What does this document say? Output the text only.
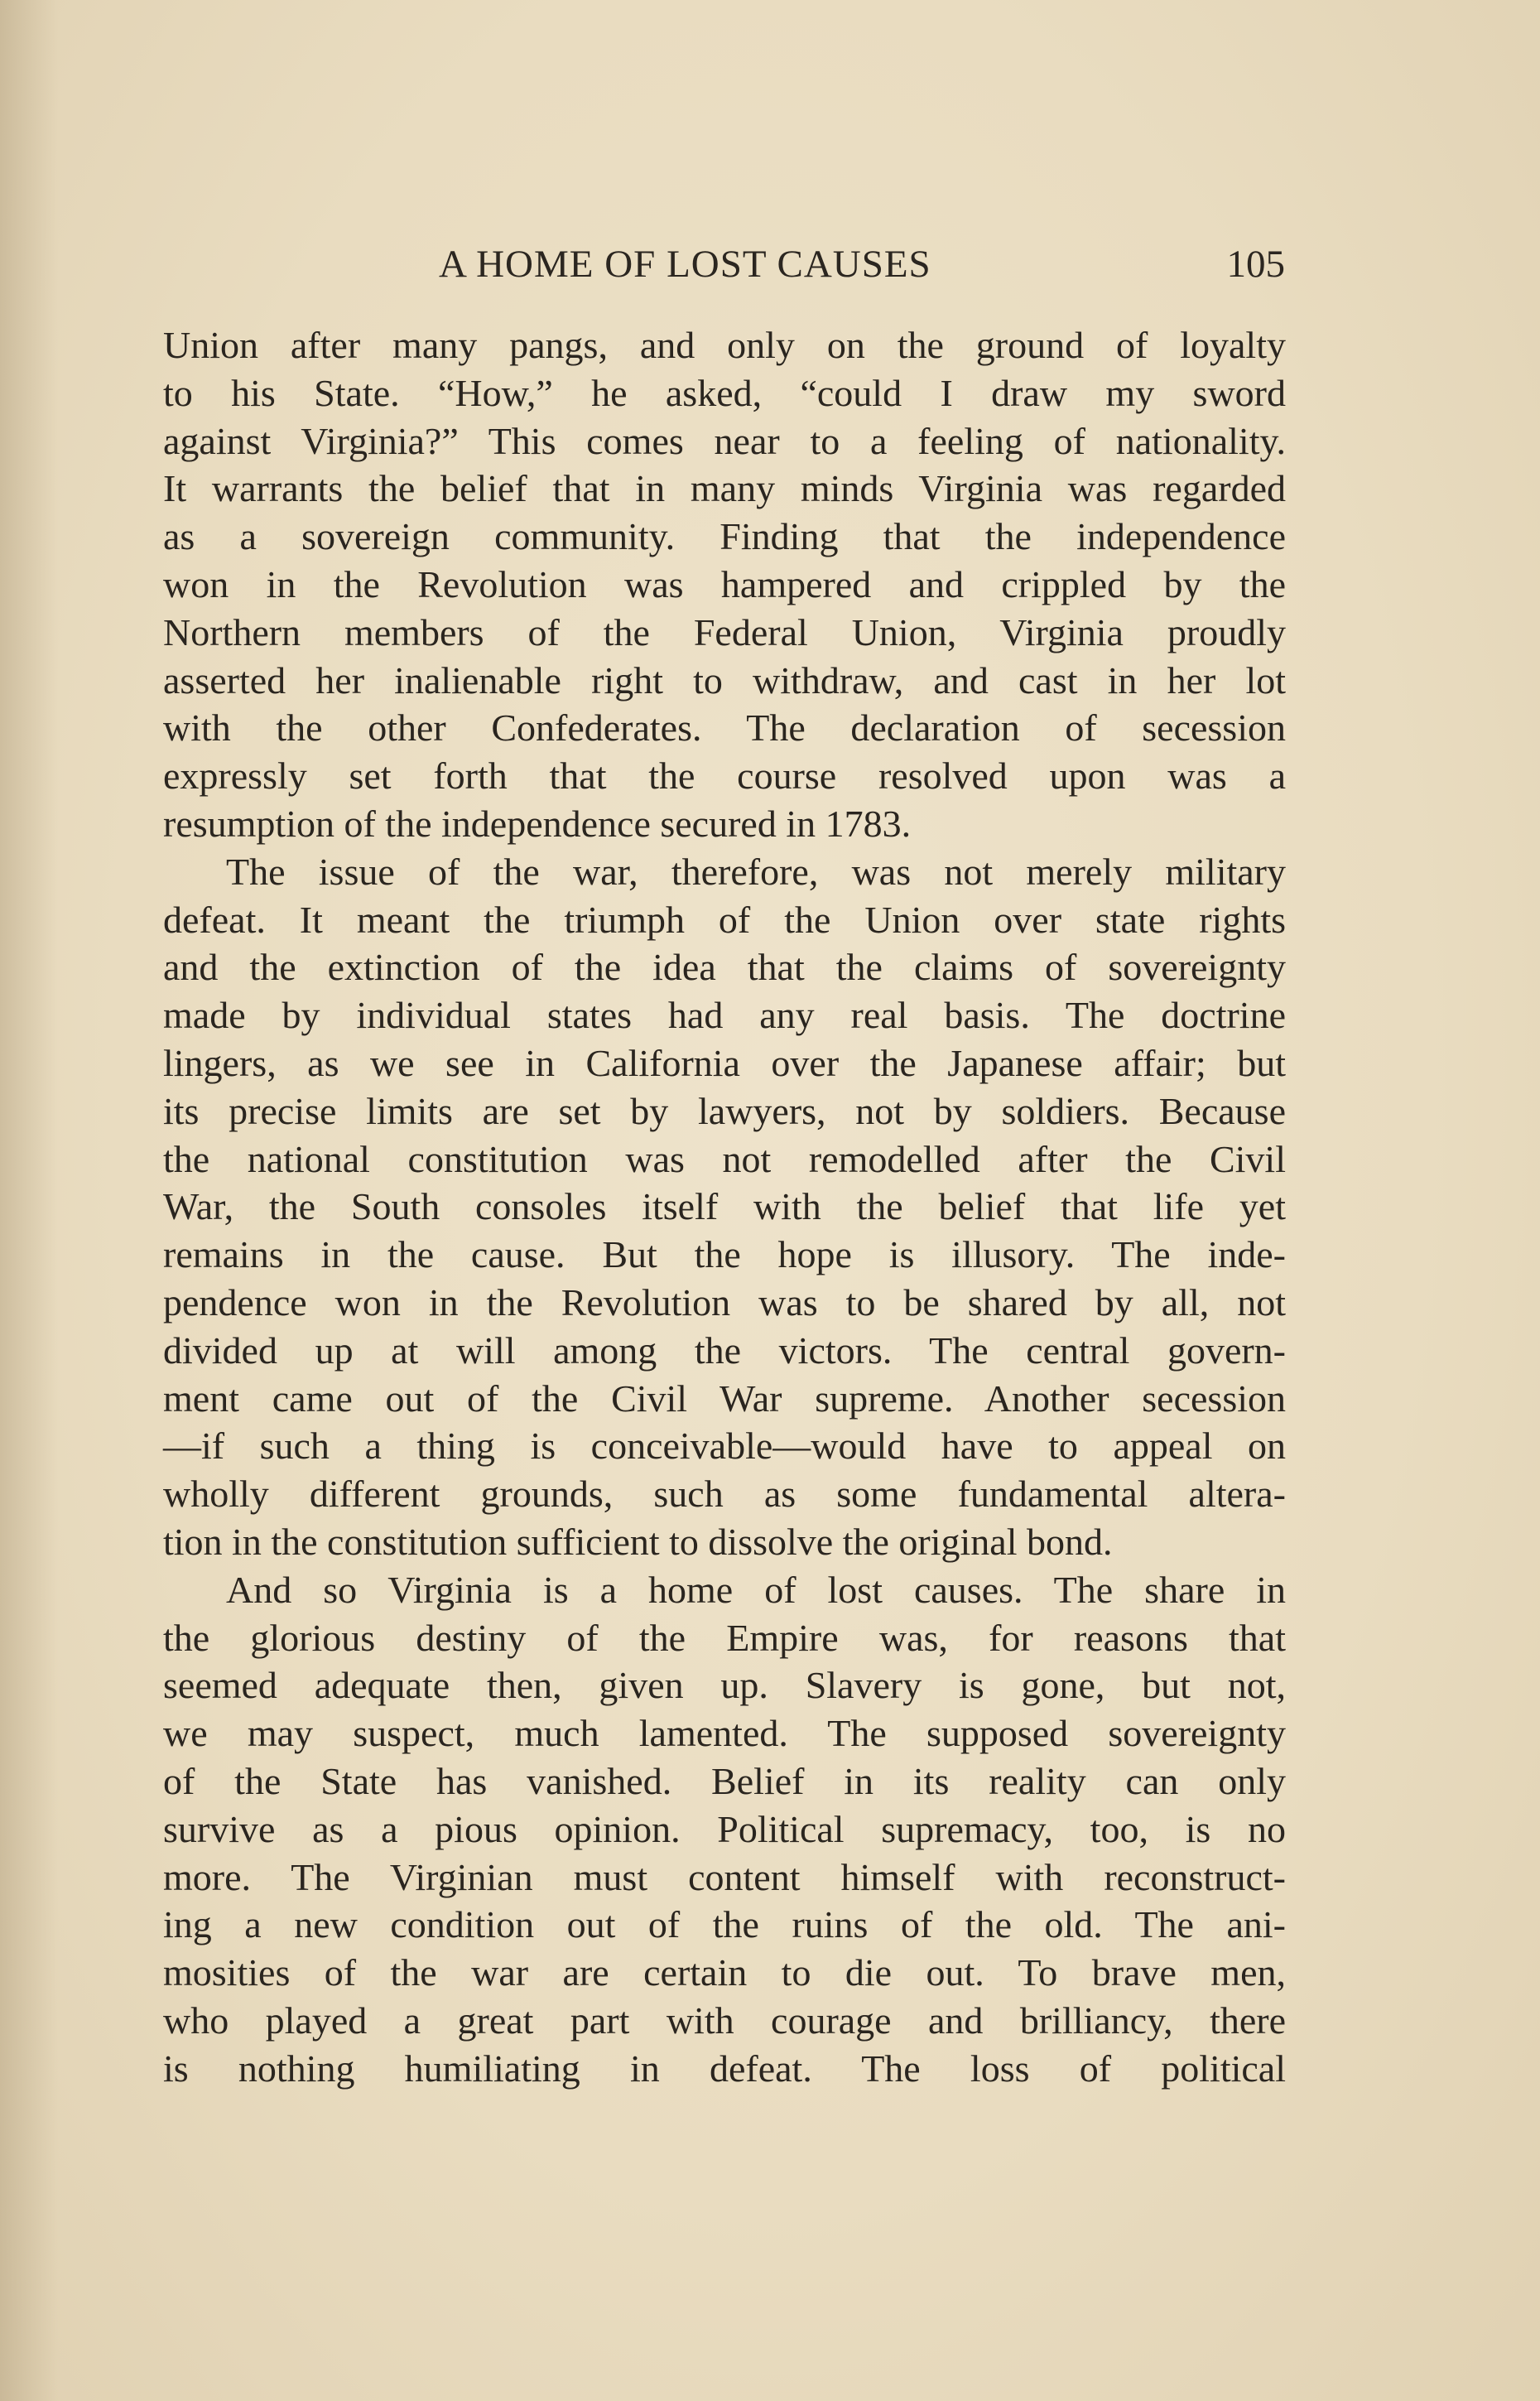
A HOME OF LOST CAUSES	105

Union after many pangs, and only on the ground of loyalty

to his State. “How,” he asked, “could I draw my sword

against Virginia?” This comes near to a feeling of nationality.

It warrants the belief that in many minds Virginia was regarded

as a sovereign community. Finding that the independence

won in the Revolution was hampered and crippled by the

Northern members of the Federal Union, Virginia proudly

asserted her inalienable right to withdraw, and cast in her lot

with the other Confederates. The declaration of secession

expressly set forth that the course resolved upon was a

resumption of the independence secured in 1783.

The issue of the war, therefore, was not merely military

defeat. It meant the triumph of the Union over state rights

and the extinction of the idea that the claims of sovereignty

made by individual states had any real basis. The doctrine

lingers, as we see in California over the Japanese affair; but

its precise limits are set by lawyers, not by soldiers. Because

the national constitution was not remodelled after the Civil

War, the South consoles itself with the belief that life yet

remains in the cause. But the hope is illusory. The inde-

pendence won in the Revolution was to be shared by all, not

divided up at will among the victors. The central govern-

ment came out of the Civil War supreme. Another secession

—if such a thing is conceivable—would have to appeal on

wholly different grounds, such as some fundamental altera-

tion in the constitution sufficient to dissolve the original bond.

And so Virginia is a home of lost causes. The share in

the glorious destiny of the Empire was, for reasons that

seemed adequate then, given up. Slavery is gone, but not,

we may suspect, much lamented. The supposed sovereignty

of the State has vanished. Belief in its reality can only

survive as a pious opinion. Political supremacy, too, is no

more. The Virginian must content himself with reconstruct-

ing a new condition out of the ruins of the old. The ani-

mosities of the war are certain to die out. To brave men,

who played a great part with courage and brilliancy, there

is nothing humiliating in defeat. The loss of political
